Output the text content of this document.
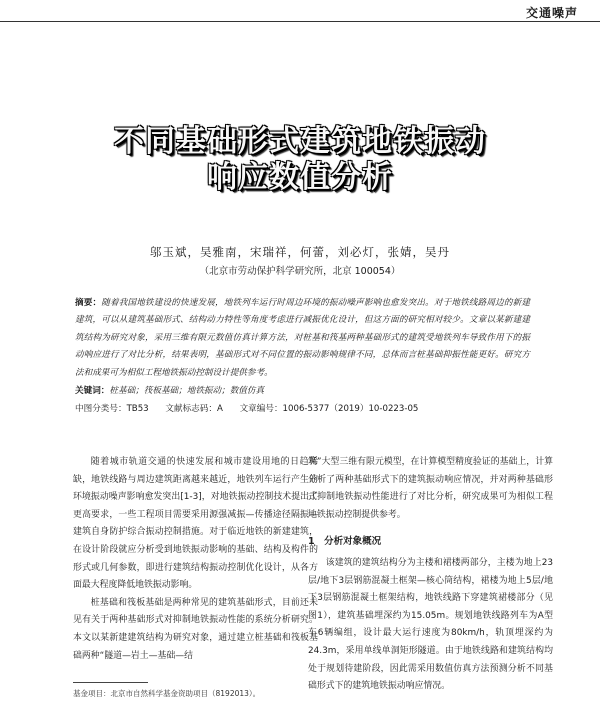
交通噪声
不同基础形式建筑地铁振动
响应数值分析
邬玉斌，吴雅南，宋瑞祥，何蕾，刘必灯，张婧，吴丹
（北京市劳动保护科学研究所，北京 100054）
摘要：随着我国地铁建设的快速发展，地铁列车运行时周边环境的振动噪声影响也愈发突出。对于地铁线路周边的新建建筑，可以从建筑基础形式、结构动力特性等角度考虑进行减振优化设计，但这方面的研究相对较少。文章以某新建建筑结构为研究对象，采用三维有限元数值仿真计算方法，对桩基和筏基两种基础形式的建筑受地铁列车导致作用下的振动响应进行了对比分析，结果表明，基础形式对不同位置的振动影响规律不同，总体而言桩基础抑振性能更好。研究方法和成果可为相似工程地铁振动控制设计提供参考。
关键词：桩基础；筏板基础；地铁振动；数值仿真
中图分类号：TB53 文献标志码：A 文章编号：1006-5377（2019）10-0223-05

随着城市轨道交通的快速发展和城市建设用地的日趋稀缺，地铁线路与周边建筑距离越来越近，地铁列车运行产生的环境振动噪声影响愈发突出[1-3]，对地铁振动控制技术提出了更高要求，一些工程项目需要采用源强减振—传播途径隔振—建筑自身防护综合振动控制措施。对于临近地铁的新建建筑，在设计阶段就应分析受到地铁振动影响的基础、结构及构件的形式或几何参数，即进行建筑结构振动控制优化设计，从各方面最大程度降低地铁振动影响。

桩基础和筏板基础是两种常见的建筑基础形式，目前还未见有关于两种基础形式对抑制地铁振动性能的系统分析研究。本文以某新建建筑结构为研究对象，通过建立桩基础和筏板基础两种“隧道—岩土—基础—结

筑”大型三维有限元模型，在计算模型精度验证的基础上，计算分析了两种基础形式下的建筑振动响应情况，并对两种基础形式抑制地铁振动性能进行了对比分析，研究成果可为相似工程地铁振动控制提供参考。

1　分析对象概况

该建筑的建筑结构分为主楼和裙楼两部分，主楼为地上23层/地下3层钢筋混凝土框架—核心筒结构，裙楼为地上5层/地下3层钢筋混凝土框架结构，地铁线路下穿建筑裙楼部分（见图1），建筑基础埋深约为15.05m。规划地铁线路列车为A型车6辆编组，设计最大运行速度为80km/h，轨顶埋深约为24.3m，采用单线单洞矩形隧道。由于地铁线路和建筑结构均处于规划待建阶段，因此需采用数值仿真方法预测分析不同基础形式下的建筑地铁振动响应情况。

基金项目：北京市自然科学基金资助项目（8192013）。
